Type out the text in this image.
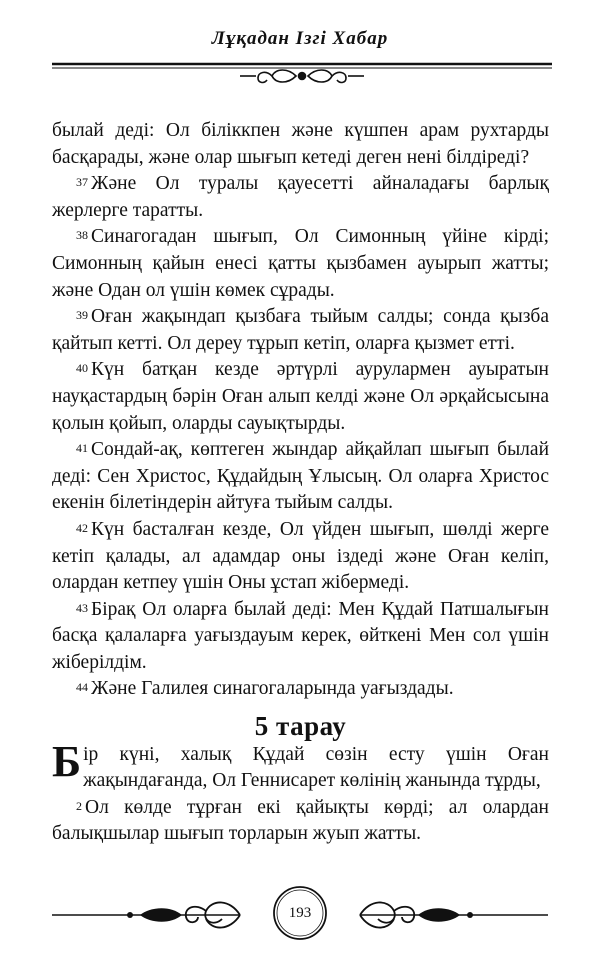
Лұқадан Ізгі Хабар

былай деді: Ол біліккпен және күшпен арам рухтарды басқарады, және олар шығып кетеді деген нені білдіреді?

$^{37}$ Және Ол туралы қауесетті айналадағы барлық жерлерге таратты.

$^{38}$ Синагогадан шығып, Ол Симонның үйіне кірді; Симонның қайын енесі қатты қызбамен ауырып жатты; және Одан ол үшін көмек сұрады.

$^{39}$ Оған жақындап қызбаға тыйым салды; сонда қызба қайтып кетті. Ол дереу тұрып кетіп, оларға қызмет етті.

$^{40}$ Күн батқан кезде әртүрлі аурулармен ауыратын науқастардың бәрін Оған алып келді және Ол әрқайсысына қолын қойып, оларды сауықтырды.

$^{41}$ Сондай-ақ, көптеген жындар айқайлап шығып былай деді: Сен Христос, Құдайдың Ұлысың. Ол оларға Христос екенін білетіндерін айтуға тыйым салды.

$^{42}$ Күн басталған кезде, Ол үйден шығып, шөлді жерге кетіп қалады, ал адамдар оны іздеді және Оған келіп, олардан кетпеу үшін Оны ұстап жібермеді.

$^{43}$ Бірақ Ол оларға былай деді: Мен Құдай Патшалығын басқа қалаларға уағыздауым керек, өйткені Мен сол үшін жіберілдім.

$^{44}$ Және Галилея синагогаларында уағыздады.

5 тарау

Бір күні, халық Құдай сөзін есту үшін Оған жақындағанда, Ол Геннисарет көлінің жанында тұрды,

$^2$ Ол көлде тұрған екі қайықты көрді; ал олардан балықшылар шығып торларын жуып жатты.

193
